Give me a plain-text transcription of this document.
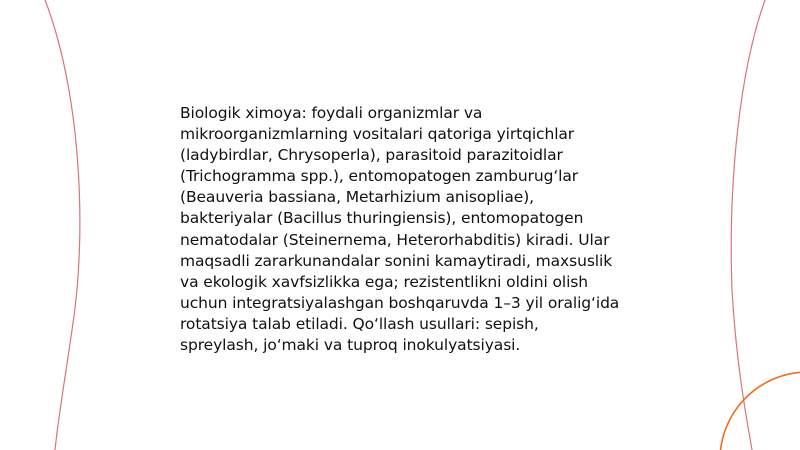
Biologik ximoya: foydali organizmlar va mikroorganizmlarning vositalari qatoriga yirtqichlar (ladybirdlar, Chrysoperla), parasitoid parazitoidlar (Trichogramma spp.), entomopatogen zamburug‘lar (Beauveria bassiana, Metarhizium anisopliae), bakteriyalar (Bacillus thuringiensis), entomopatogen nematodalar (Steinernema, Heterorhabditis) kiradi. Ular maqsadli zararkunandalar sonini kamaytiradi, maxsuslik va ekologik xavfsizlikka ega; rezistentlikni oldini olish uchun integratsiyalashgan boshqaruvda 1–3 yil oralig‘ida rotatsiya talab etiladi. Qo‘llash usullari: sepish, spreylash, jo‘maki va tuproq inokulyatsiyasi.
